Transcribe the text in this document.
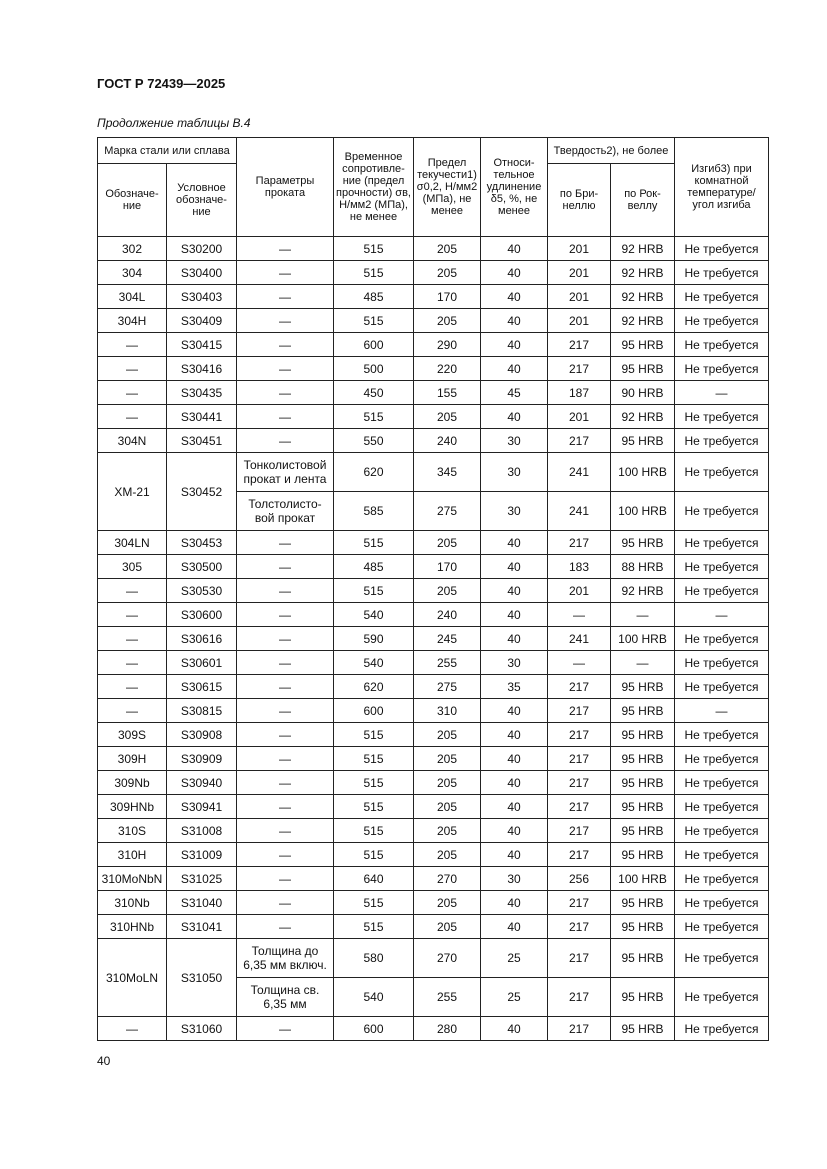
ГОСТ Р 72439—2025
Продолжение таблицы В.4
Марка стали или сплава		Параметры проката	Временное сопротивле-ние (предел прочности) σв, Н/мм2 (МПа), не менее	Предел текучести1) σ0,2, Н/мм2 (МПа), не менее	Относи-тельное удлинение δ5, %, не менее	Твердость2), не более		Изгиб3) при комнатной температуре/ угол изгиба
Обозначе-ние	Условное обозначе-ние					по Бри-неллю	по Рок-веллу	
302	S30200	—	515	205	40	201	92 HRB	Не требуется
304	S30400	—	515	205	40	201	92 HRB	Не требуется
304L	S30403	—	485	170	40	201	92 HRB	Не требуется
304H	S30409	—	515	205	40	201	92 HRB	Не требуется
—	S30415	—	600	290	40	217	95 HRB	Не требуется
—	S30416	—	500	220	40	217	95 HRB	Не требуется
—	S30435	—	450	155	45	187	90 HRB	—
—	S30441	—	515	205	40	201	92 HRB	Не требуется
304N	S30451	—	550	240	30	217	95 HRB	Не требуется
XM-21	S30452	Тонколистовой прокат и лента	620	345	30	241	100 HRB	Не требуется
		Толстолисто-вой прокат	585	275	30	241	100 HRB	Не требуется
304LN	S30453	—	515	205	40	217	95 HRB	Не требуется
305	S30500	—	485	170	40	183	88 HRB	Не требуется
—	S30530	—	515	205	40	201	92 HRB	Не требуется
—	S30600	—	540	240	40	—	—	—
—	S30616	—	590	245	40	241	100 HRB	Не требуется
—	S30601	—	540	255	30	—	—	Не требуется
—	S30615	—	620	275	35	217	95 HRB	Не требуется
—	S30815	—	600	310	40	217	95 HRB	—
309S	S30908	—	515	205	40	217	95 HRB	Не требуется
309H	S30909	—	515	205	40	217	95 HRB	Не требуется
309Nb	S30940	—	515	205	40	217	95 HRB	Не требуется
309HNb	S30941	—	515	205	40	217	95 HRB	Не требуется
310S	S31008	—	515	205	40	217	95 HRB	Не требуется
310H	S31009	—	515	205	40	217	95 HRB	Не требуется
310MoNbN	S31025	—	640	270	30	256	100 HRB	Не требуется
310Nb	S31040	—	515	205	40	217	95 HRB	Не требуется
310HNb	S31041	—	515	205	40	217	95 HRB	Не требуется
310MoLN	S31050	Толщина до 6,35 мм включ.	580	270	25	217	95 HRB	Не требуется
		Толщина св. 6,35 мм	540	255	25	217	95 HRB	Не требуется
—	S31060	—	600	280	40	217	95 HRB	Не требуется
40
